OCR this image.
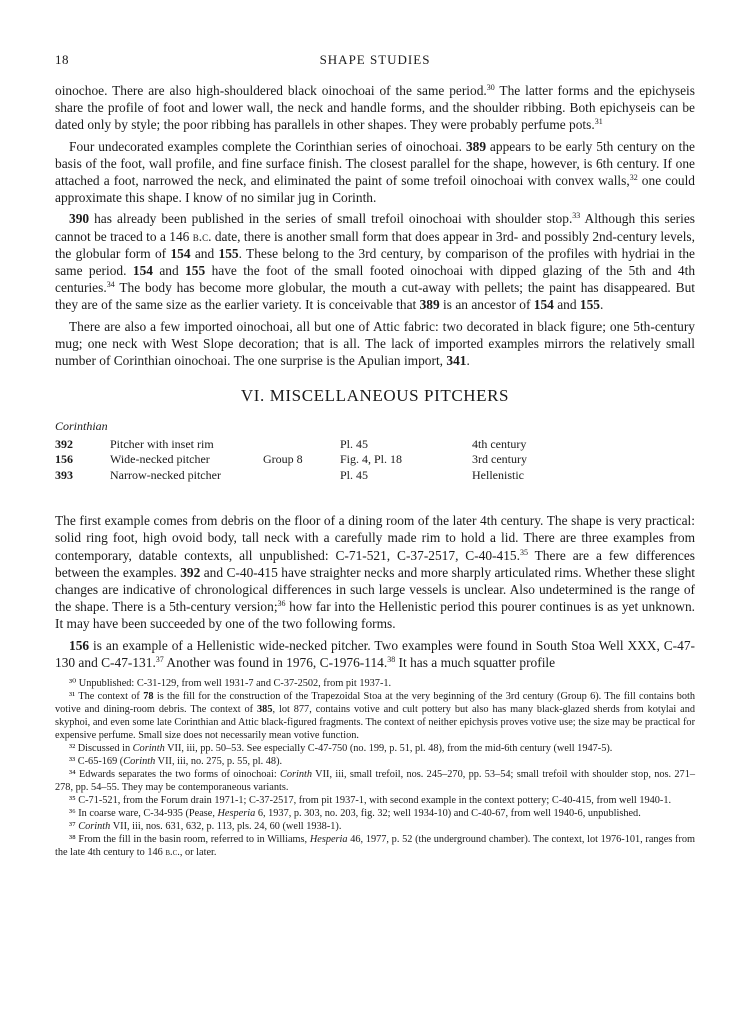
18	SHAPE STUDIES

oinochoe. There are also high-shouldered black oinochoai of the same period.$^{30}$ The latter forms and the epichyseis share the profile of foot and lower wall, the neck and handle forms, and the shoulder ribbing. Both epichyseis can be dated only by style; the poor ribbing has parallels in other shapes. They were probably perfume pots.$^{31}$

Four undecorated examples complete the Corinthian series of oinochoai. 389 appears to be early 5th century on the basis of the foot, wall profile, and fine surface finish. The closest parallel for the shape, however, is 6th century. If one attached a foot, narrowed the neck, and eliminated the paint of some trefoil oinochoai with convex walls,$^{32}$ one could approximate this shape. I know of no similar jug in Corinth.

390 has already been published in the series of small trefoil oinochoai with shoulder stop.$^{33}$ Although this series cannot be traced to a 146 b.c. date, there is another small form that does appear in 3rd- and possibly 2nd-century levels, the globular form of 154 and 155. These belong to the 3rd century, by comparison of the profiles with hydriai in the same period. 154 and 155 have the foot of the small footed oinochoai with dipped glazing of the 5th and 4th centuries.$^{34}$ The body has become more globular, the mouth a cut-away with pellets; the paint has disappeared. But they are of the same size as the earlier variety. It is conceivable that 389 is an ancestor of 154 and 155.

There are also a few imported oinochoai, all but one of Attic fabric: two decorated in black figure; one 5th-century mug; one neck with West Slope decoration; that is all. The lack of imported examples mirrors the relatively small number of Corinthian oinochoai. The one surprise is the Apulian import, 341.

VI. MISCELLANEOUS PITCHERS
Corinthian
392	Pitcher with inset rim		Pl. 45	4th century
156	Wide-necked pitcher	Group 8	Fig. 4, Pl. 18	3rd century
393	Narrow-necked pitcher		Pl. 45	Hellenistic

The first example comes from debris on the floor of a dining room of the later 4th century. The shape is very practical: solid ring foot, high ovoid body, tall neck with a carefully made rim to hold a lid. There are three examples from contemporary, datable contexts, all unpublished: C-71-521, C-37-2517, C-40-415.35 There are a few differences between the examples. 392 and C-40-415 have straighter necks and more sharply articulated rims. Whether these slight changes are indicative of chronological differences in such large vessels is unclear. Also undetermined is the range of the shape. There is a 5th-century version;$^{36}$ how far into the Hellenistic period this pourer continues is as yet unknown. It may have been succeeded by one of the two following forms.

156 is an example of a Hellenistic wide-necked pitcher. Two examples were found in South Stoa Well XXX, C-47-130 and C-47-131.37 Another was found in 1976, C-1976-114.38 It has a much squatter profile

³⁰ Unpublished: C-31-129, from well 1931-7 and C-37-2502, from pit 1937-1.
³¹ The context of 78 is the fill for the construction of the Trapezoidal Stoa at the very beginning of the 3rd century (Group 6). The fill contains both votive and dining-room debris. The context of 385, lot 877, contains votive and cult pottery but also has many black-glazed sherds from kotylai and skyphoi, and even some late Corinthian and Attic black-figured fragments. The context of neither epichysis proves votive use; the size may be practical for expensive perfume. Small size does not necessarily mean votive function.
³² Discussed in Corinth VII, iii, pp. 50–53. See especially C-47-750 (no. 199, p. 51, pl. 48), from the mid-6th century (well 1947-5).
³³ C-65-169 (Corinth VII, iii, no. 275, p. 55, pl. 48).
³⁴ Edwards separates the two forms of oinochoai: Corinth VII, iii, small trefoil, nos. 245–270, pp. 53–54; small trefoil with shoulder stop, nos. 271–278, pp. 54–55. They may be contemporaneous variants.
³⁵ C-71-521, from the Forum drain 1971-1; C-37-2517, from pit 1937-1, with second example in the context pottery; C-40-415, from well 1940-1.
³⁶ In coarse ware, C-34-935 (Pease, Hesperia 6, 1937, p. 303, no. 203, fig. 32; well 1934-10) and C-40-67, from well 1940-6, unpublished.
³⁷ Corinth VII, iii, nos. 631, 632, p. 113, pls. 24, 60 (well 1938-1).
³⁸ From the fill in the basin room, referred to in Williams, Hesperia 46, 1977, p. 52 (the underground chamber). The context, lot 1976-101, ranges from the late 4th century to 146 b.c., or later.
